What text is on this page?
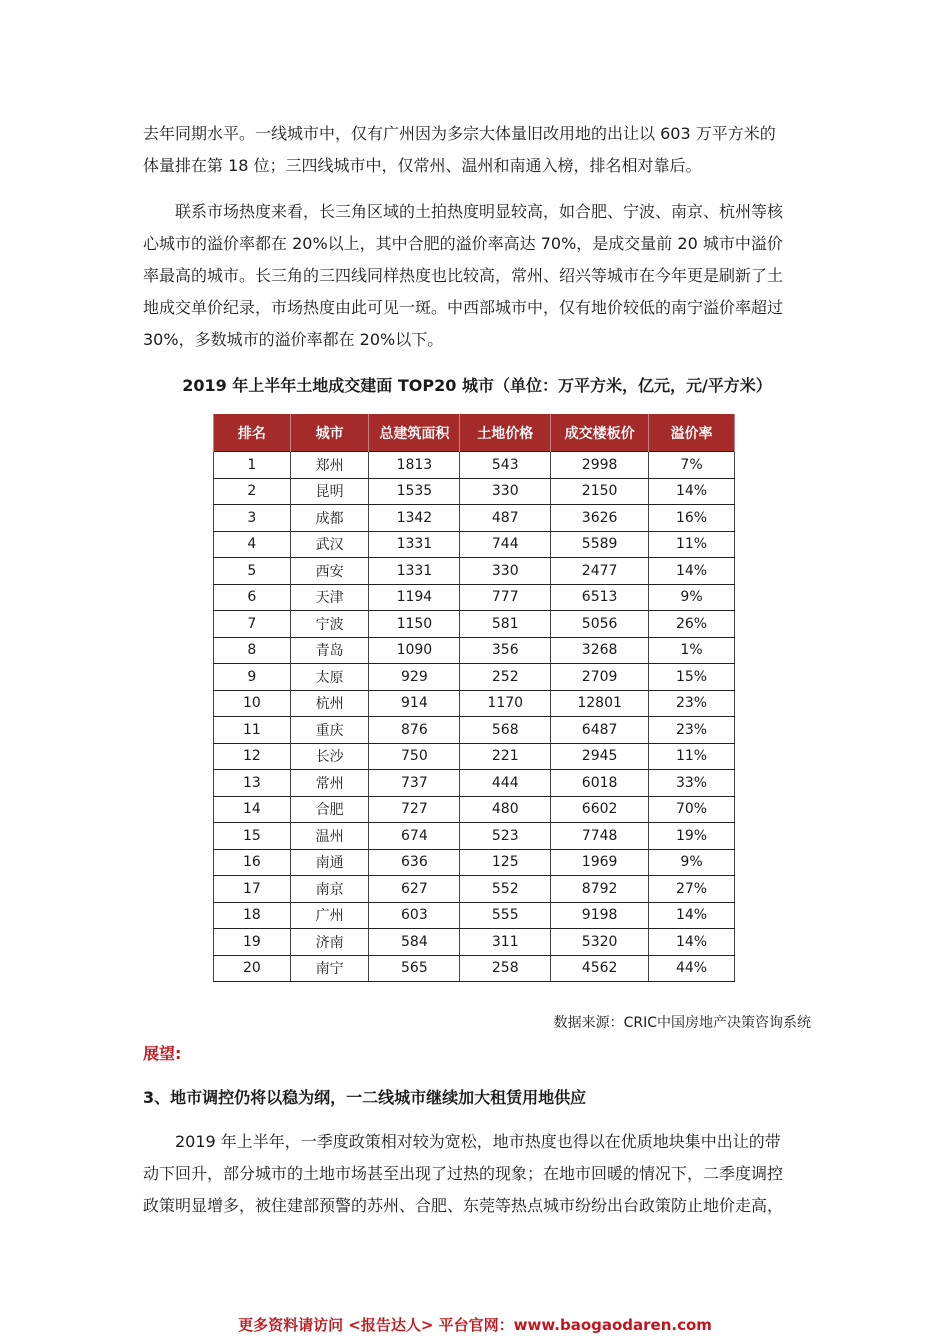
去年同期水平。一线城市中，仅有广州因为多宗大体量旧改用地的出让以 603 万平方米的
体量排在第 18 位；三四线城市中，仅常州、温州和南通入榜，排名相对靠后。
联系市场热度来看，长三角区域的土拍热度明显较高，如合肥、宁波、南京、杭州等核
心城市的溢价率都在 20%以上，其中合肥的溢价率高达 70%，是成交量前 20 城市中溢价
率最高的城市。长三角的三四线同样热度也比较高，常州、绍兴等城市在今年更是刷新了土
地成交单价纪录，市场热度由此可见一斑。中西部城市中，仅有地价较低的南宁溢价率超过
30%，多数城市的溢价率都在 20%以下。
2019 年上半年土地成交建面 TOP20 城市（单位：万平方米，亿元，元/平方米）
排名	城市	总建筑面积	土地价格	成交楼板价	溢价率
1	郑州	1813	543	2998	7%
2	昆明	1535	330	2150	14%
3	成都	1342	487	3626	16%
4	武汉	1331	744	5589	11%
5	西安	1331	330	2477	14%
6	天津	1194	777	6513	9%
7	宁波	1150	581	5056	26%
8	青岛	1090	356	3268	1%
9	太原	929	252	2709	15%
10	杭州	914	1170	12801	23%
11	重庆	876	568	6487	23%
12	长沙	750	221	2945	11%
13	常州	737	444	6018	33%
14	合肥	727	480	6602	70%
15	温州	674	523	7748	19%
16	南通	636	125	1969	9%
17	南京	627	552	8792	27%
18	广州	603	555	9198	14%
19	济南	584	311	5320	14%
20	南宁	565	258	4562	44%
数据来源：CRIC中国房地产决策咨询系统
展望:
3、地市调控仍将以稳为纲，一二线城市继续加大租赁用地供应
2019 年上半年，一季度政策相对较为宽松，地市热度也得以在优质地块集中出让的带
动下回升，部分城市的土地市场甚至出现了过热的现象；在地市回暖的情况下，二季度调控
政策明显增多，被住建部预警的苏州、合肥、东莞等热点城市纷纷出台政策防止地价走高，
更多资料请访问 <报告达人> 平台官网：www.baogaodaren.com
